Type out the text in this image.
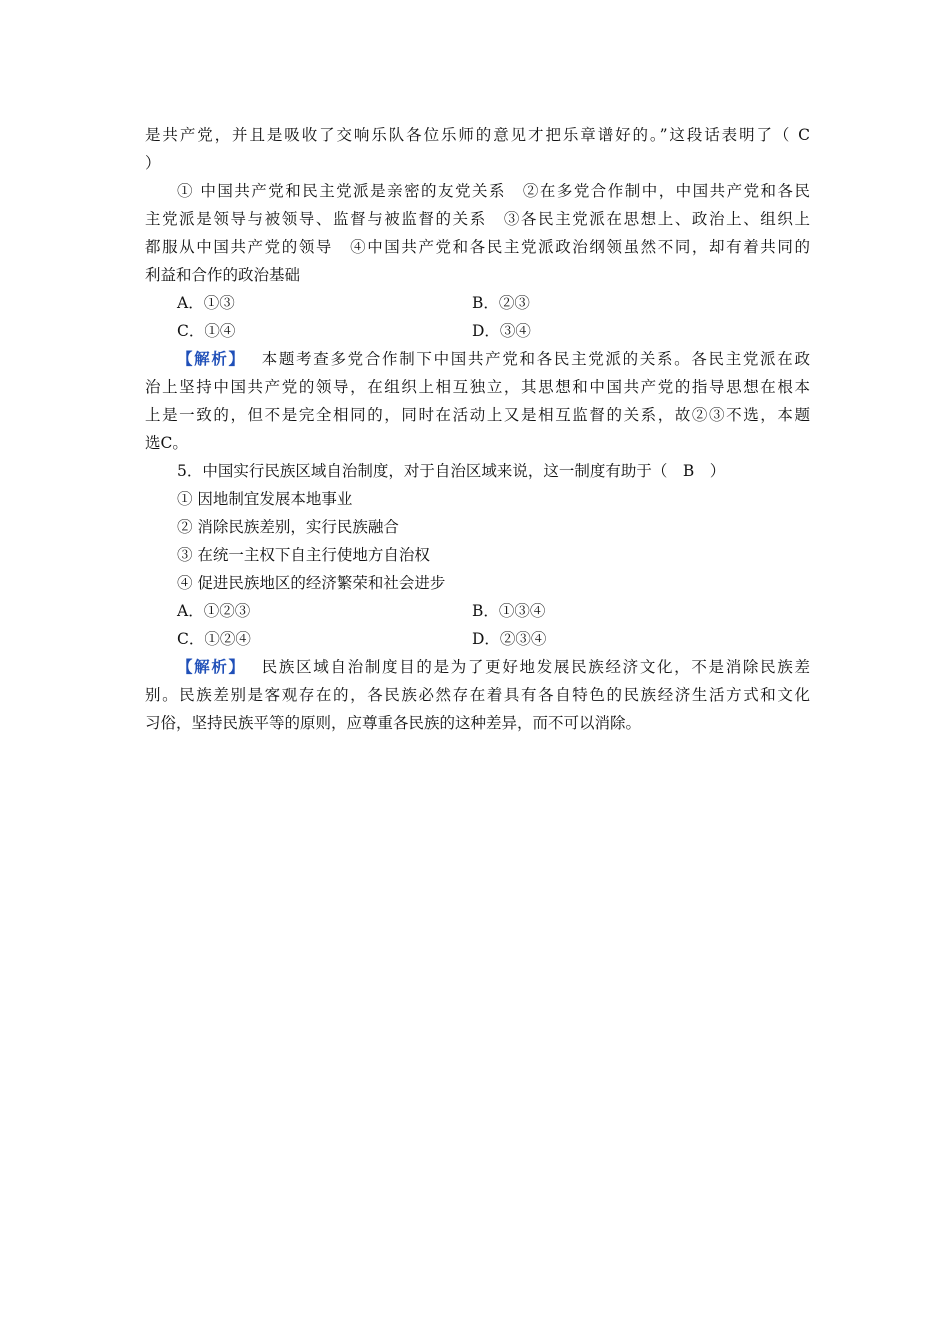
是共产党，并且是吸收了交响乐队各位乐师的意见才把乐章谱好的。”这段话表明了（ C
）
① 中国共产党和民主党派是亲密的友党关系　②在多党合作制中，中国共产党和各民
主党派是领导与被领导、监督与被监督的关系　③各民主党派在思想上、政治上、组织上
都服从中国共产党的领导　④中国共产党和各民主党派政治纲领虽然不同，却有着共同的
利益和合作的政治基础
A．①③	B．②③
C．①④	D．③④
【解析】 本题考查多党合作制下中国共产党和各民主党派的关系。各民主党派在政
治上坚持中国共产党的领导，在组织上相互独立，其思想和中国共产党的指导思想在根本
上是一致的，但不是完全相同的，同时在活动上又是相互监督的关系，故②③不选，本题
选C。
5．中国实行民族区域自治制度，对于自治区域来说，这一制度有助于（　B　）
① 因地制宜发展本地事业
② 消除民族差别，实行民族融合
③ 在统一主权下自主行使地方自治权
④ 促进民族地区的经济繁荣和社会进步
A．①②③	B．①③④
C．①②④	D．②③④
【解析】 民族区域自治制度目的是为了更好地发展民族经济文化，不是消除民族差
别。民族差别是客观存在的，各民族必然存在着具有各自特色的民族经济生活方式和文化
习俗，坚持民族平等的原则，应尊重各民族的这种差异，而不可以消除。
